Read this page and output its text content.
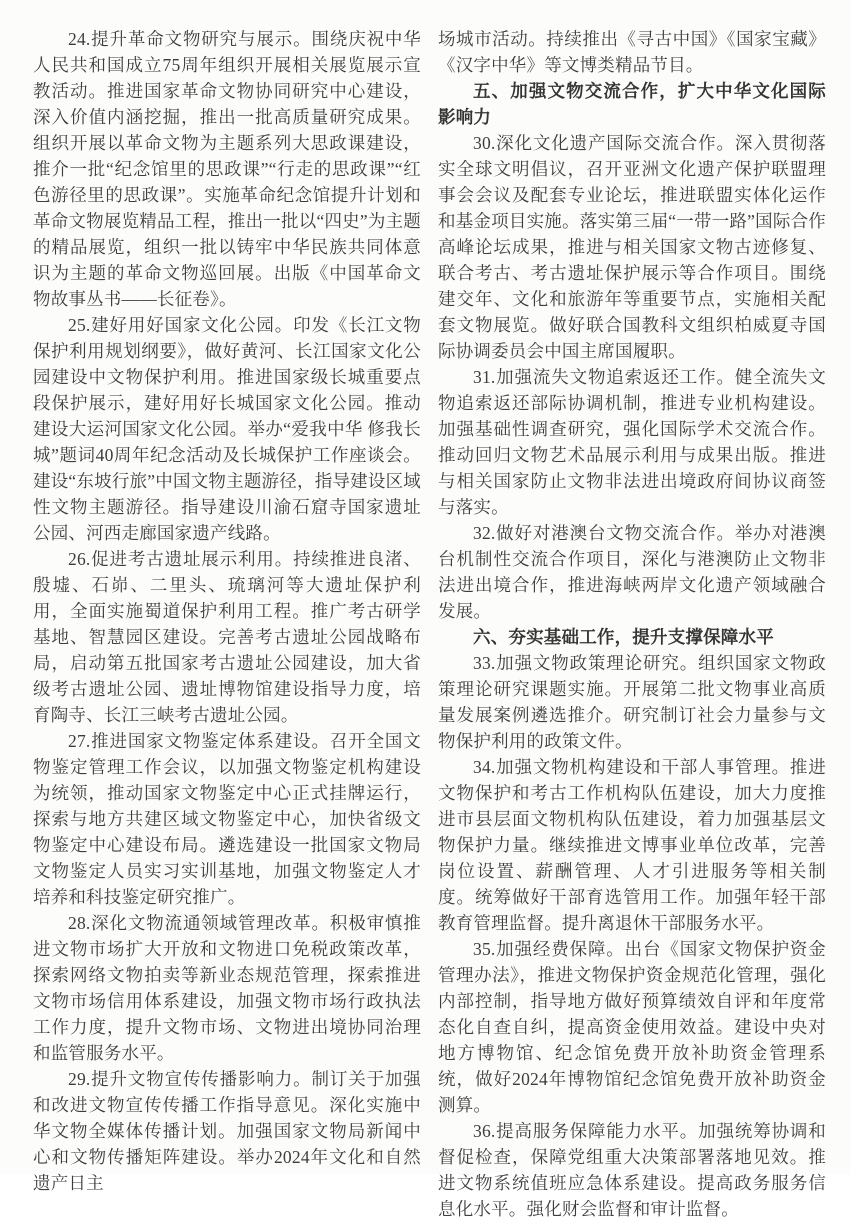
24.提升革命文物研究与展示。围绕庆祝中华人民共和国成立75周年组织开展相关展览展示宣教活动。推进国家革命文物协同研究中心建设，深入价值内涵挖掘，推出一批高质量研究成果。组织开展以革命文物为主题系列大思政课建设，推介一批“纪念馆里的思政课”“行走的思政课”“红色游径里的思政课”。实施革命纪念馆提升计划和革命文物展览精品工程，推出一批以“四史”为主题的精品展览，组织一批以铸牢中华民族共同体意识为主题的革命文物巡回展。出版《中国革命文物故事丛书——长征卷》。

25.建好用好国家文化公园。印发《长江文物保护利用规划纲要》，做好黄河、长江国家文化公园建设中文物保护利用。推进国家级长城重要点段保护展示，建好用好长城国家文化公园。推动建设大运河国家文化公园。举办“爱我中华 修我长城”题词40周年纪念活动及长城保护工作座谈会。建设“东坡行旅”中国文物主题游径，指导建设区域性文物主题游径。指导建设川渝石窟寺国家遗址公园、河西走廊国家遗产线路。

26.促进考古遗址展示利用。持续推进良渚、殷墟、石峁、二里头、琉璃河等大遗址保护利用，全面实施蜀道保护利用工程。推广考古研学基地、智慧园区建设。完善考古遗址公园战略布局，启动第五批国家考古遗址公园建设，加大省级考古遗址公园、遗址博物馆建设指导力度，培育陶寺、长江三峡考古遗址公园。

27.推进国家文物鉴定体系建设。召开全国文物鉴定管理工作会议，以加强文物鉴定机构建设为统领，推动国家文物鉴定中心正式挂牌运行，探索与地方共建区域文物鉴定中心，加快省级文物鉴定中心建设布局。遴选建设一批国家文物局文物鉴定人员实习实训基地，加强文物鉴定人才培养和科技鉴定研究推广。

28.深化文物流通领域管理改革。积极审慎推进文物市场扩大开放和文物进口免税政策改革，探索网络文物拍卖等新业态规范管理，探索推进文物市场信用体系建设，加强文物市场行政执法工作力度，提升文物市场、文物进出境协同治理和监管服务水平。

29.提升文物宣传传播影响力。制订关于加强和改进文物宣传传播工作指导意见。深化实施中华文物全媒体传播计划。加强国家文物局新闻中心和文物传播矩阵建设。举办2024年文化和自然遗产日主

场城市活动。持续推出《寻古中国》《国家宝藏》《汉字中华》等文博类精品节目。

五、加强文物交流合作，扩大中华文化国际影响力

30.深化文化遗产国际交流合作。深入贯彻落实全球文明倡议，召开亚洲文化遗产保护联盟理事会会议及配套专业论坛，推进联盟实体化运作和基金项目实施。落实第三届“一带一路”国际合作高峰论坛成果，推进与相关国家文物古迹修复、联合考古、考古遗址保护展示等合作项目。围绕建交年、文化和旅游年等重要节点，实施相关配套文物展览。做好联合国教科文组织柏威夏寺国际协调委员会中国主席国履职。

31.加强流失文物追索返还工作。健全流失文物追索返还部际协调机制，推进专业机构建设。加强基础性调查研究，强化国际学术交流合作。推动回归文物艺术品展示利用与成果出版。推进与相关国家防止文物非法进出境政府间协议商签与落实。

32.做好对港澳台文物交流合作。举办对港澳台机制性交流合作项目，深化与港澳防止文物非法进出境合作，推进海峡两岸文化遗产领域融合发展。

六、夯实基础工作，提升支撑保障水平

33.加强文物政策理论研究。组织国家文物政策理论研究课题实施。开展第二批文物事业高质量发展案例遴选推介。研究制订社会力量参与文物保护利用的政策文件。

34.加强文物机构建设和干部人事管理。推进文物保护和考古工作机构队伍建设，加大力度推进市县层面文物机构队伍建设，着力加强基层文物保护力量。继续推进文博事业单位改革，完善岗位设置、薪酬管理、人才引进服务等相关制度。统筹做好干部育选管用工作。加强年轻干部教育管理监督。提升离退休干部服务水平。

35.加强经费保障。出台《国家文物保护资金管理办法》，推进文物保护资金规范化管理，强化内部控制，指导地方做好预算绩效自评和年度常态化自查自纠，提高资金使用效益。建设中央对地方博物馆、纪念馆免费开放补助资金管理系统，做好2024年博物馆纪念馆免费开放补助资金测算。

36.提高服务保障能力水平。加强统筹协调和督促检查，保障党组重大决策部署落地见效。推进文物系统值班应急体系建设。提高政务服务信息化水平。强化财会监督和审计监督。
